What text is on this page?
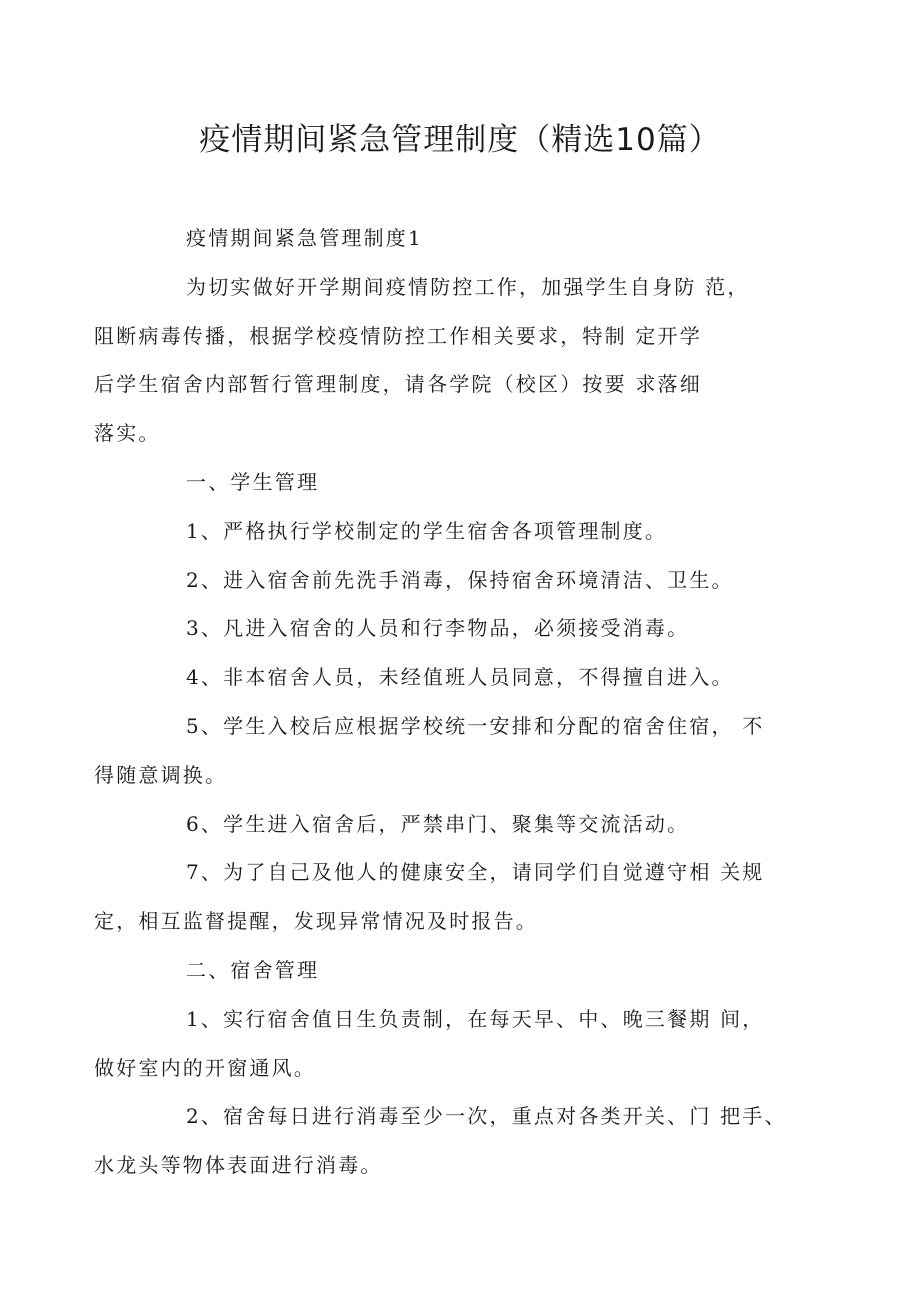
疫情期间紧急管理制度（精选10篇）

疫情期间紧急管理制度1

为切实做好开学期间疫情防控工作，加强学生自身防 范，
阻断病毒传播，根据学校疫情防控工作相关要求，特制 定开学
后学生宿舍内部暂行管理制度，请各学院（校区）按要 求落细
落实。

一、学生管理

1、严格执行学校制定的学生宿舍各项管理制度。

2、进入宿舍前先洗手消毒，保持宿舍环境清洁、卫生。

3、凡进入宿舍的人员和行李物品，必须接受消毒。

4、非本宿舍人员，未经值班人员同意，不得擅自进入。

5、学生入校后应根据学校统一安排和分配的宿舍住宿， 不
得随意调换。

6、学生进入宿舍后，严禁串门、聚集等交流活动。

7、为了自己及他人的健康安全，请同学们自觉遵守相 关规
定，相互监督提醒，发现异常情况及时报告。

二、宿舍管理

1、实行宿舍值日生负责制，在每天早、中、晚三餐期 间，
做好室内的开窗通风。

2、宿舍每日进行消毒至少一次，重点对各类开关、门 把手、
水龙头等物体表面进行消毒。
